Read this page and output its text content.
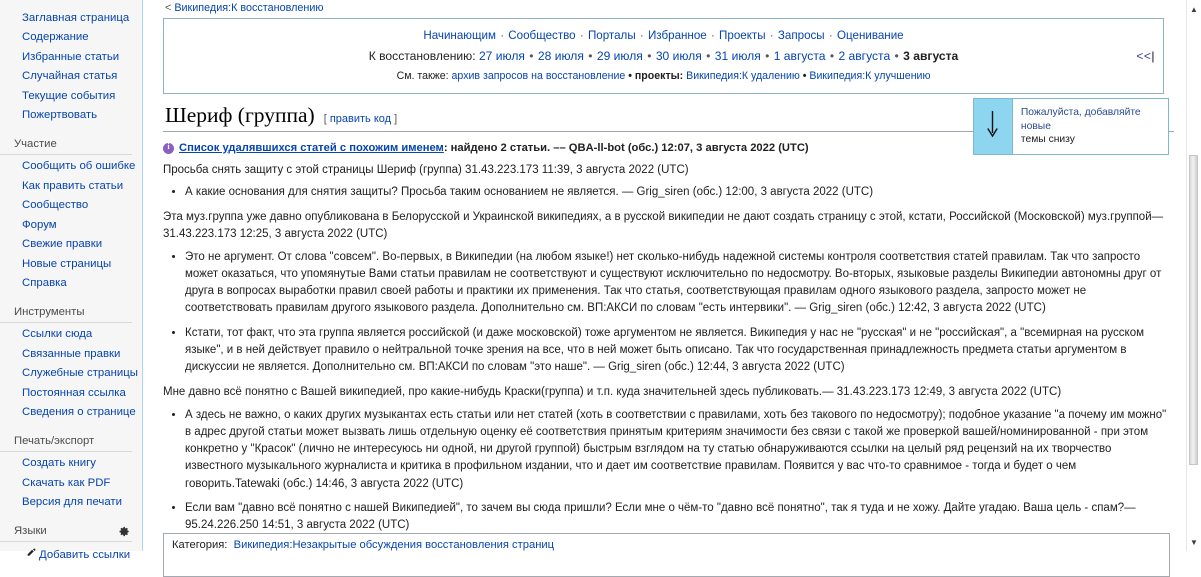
Заглавная страница
Содержание
Избранные статьи
Случайная статья
Текущие события
Пожертвовать
Участие
Сообщить об ошибке
Как править статьи
Сообщество
Форум
Свежие правки
Новые страницы
Справка
Инструменты
Ссылки сюда
Связанные правки
Служебные страницы
Постоянная ссылка
Сведения о странице
Печать/экспорт
Создать книгу
Скачать как PDF
Версия для печати
Языки
Добавить ссылки
< Википедия:К восстановлению
Начинающим · Сообщество · Порталы · Избранное · Проекты · Запросы · Оценивание
К восстановлению: 27 июля • 28 июля • 29 июля • 30 июля • 31 июля • 1 августа • 2 августа • 3 августа
См. также: архив запросов на восстановление • проекты: Википедия:К удалению • Википедия:К улучшению
<<|
Шериф (группа) [ править код ]
Пожалуйста, добавляйте новые
темы снизу
i
Список удалявшихся статей с похожим именем: найдено 2 статьи. –– QBA-ll-bot (обс.) 12:07, 3 августа 2022 (UTC)

Просьба снять защиту с этой страницы Шериф (группа) 31.43.223.173 11:39, 3 августа 2022 (UTC)

• А какие основания для снятия защиты? Просьба таким основанием не является. — Grig_siren (обс.) 12:00, 3 августа 2022 (UTC)

Эта муз.группа уже давно опубликована в Белорусской и Украинской википедиях, а в русской википедии не дают создать страницу с этой, кстати, Российской (Московской) муз.группой— 31.43.223.173 12:25, 3 августа 2022 (UTC)

• Это не аргумент. От слова "совсем". Во-первых, в Википедии (на любом языке!) нет сколько-нибудь надежной системы контроля соответствия статей правилам. Так что запросто может оказаться, что упомянутые Вами статьи правилам не соответствуют и существуют исключительно по недосмотру. Во-вторых, языковые разделы Википедии автономны друг от друга в вопросах выработки правил своей работы и практики их применения. Так что статья, соответствующая правилам одного языкового раздела, запросто может не соответствовать правилам другого языкового раздела. Дополнительно см. ВП:АКСИ по словам "есть интервики". — Grig_siren (обс.) 12:42, 3 августа 2022 (UTC)
• Кстати, тот факт, что эта группа является российской (и даже московской) тоже аргументом не является. Википедия у нас не "русская" и не "российская", а "всемирная на русском языке", и в ней действует правило о нейтральной точке зрения на все, что в ней может быть описано. Так что государственная принадлежность предмета статьи аргументом в дискуссии не является. Дополнительно см. ВП:АКСИ по словам "это наше". — Grig_siren (обс.) 12:44, 3 августа 2022 (UTC)

Мне давно всё понятно с Вашей википедией, про какие-нибудь Краски(группа) и т.п. куда значительней здесь публиковать.— 31.43.223.173 12:49, 3 августа 2022 (UTC)

• А здесь не важно, о каких других музыкантах есть статьи или нет статей (хоть в соответствии с правилами, хоть без такового по недосмотру); подобное указание "а почему им можно" в адрес другой статьи может вызвать лишь отдельную оценку её соответствия принятым критериям значимости без связи с такой же проверкой вашей/номинированной - при этом конкретно у "Красок" (лично не интересуюсь ни одной, ни другой группой) быстрым взглядом на ту статью обнаруживаются ссылки на целый ряд рецензий на их творчество известного музыкального журналиста и критика в профильном издании, что и дает им соответствие правилам. Появится у вас что-то сравнимое - тогда и будет о чем говорить.Tatewaki (обс.) 14:46, 3 августа 2022 (UTC)
• Если вам "давно всё понятно с нашей Википедией", то зачем вы сюда пришли? Если мне о чём-то "давно всё понятно", так я туда и не хожу. Дайте угадаю. Ваша цель - спам?— 95.24.226.250 14:51, 3 августа 2022 (UTC)
Категория: Википедия:Незакрытые обсуждения восстановления страниц
▲
▼
